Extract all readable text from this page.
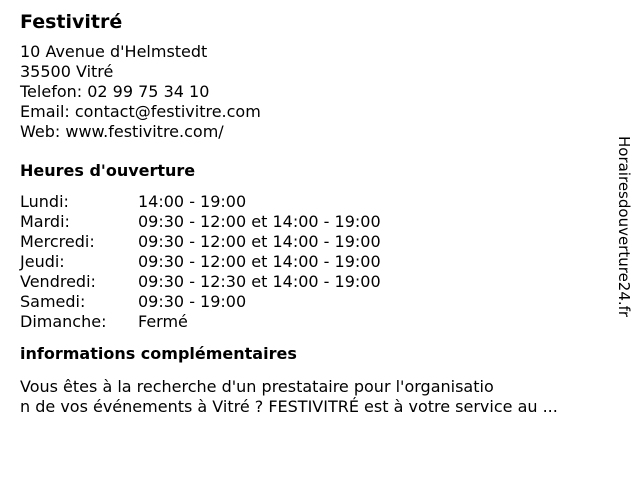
Festivitré
10 Avenue d'Helmstedt
35500 Vitré
Telefon: 02 99 75 34 10
Email: contact@festivitre.com
Web: www.festivitre.com/
Heures d'ouverture
Lundi:	14:00 - 19:00
Mardi:	09:30 - 12:00 et 14:00 - 19:00
Mercredi:	09:30 - 12:00 et 14:00 - 19:00
Jeudi:	09:30 - 12:00 et 14:00 - 19:00
Vendredi:	09:30 - 12:30 et 14:00 - 19:00
Samedi:	09:30 - 19:00
Dimanche:	Fermé
informations complémentaires
Vous êtes à la recherche d'un prestataire pour l'organisatio
n de vos événements à Vitré ? FESTIVITRÉ est à votre service au ...
Horairesdouverture24.fr
